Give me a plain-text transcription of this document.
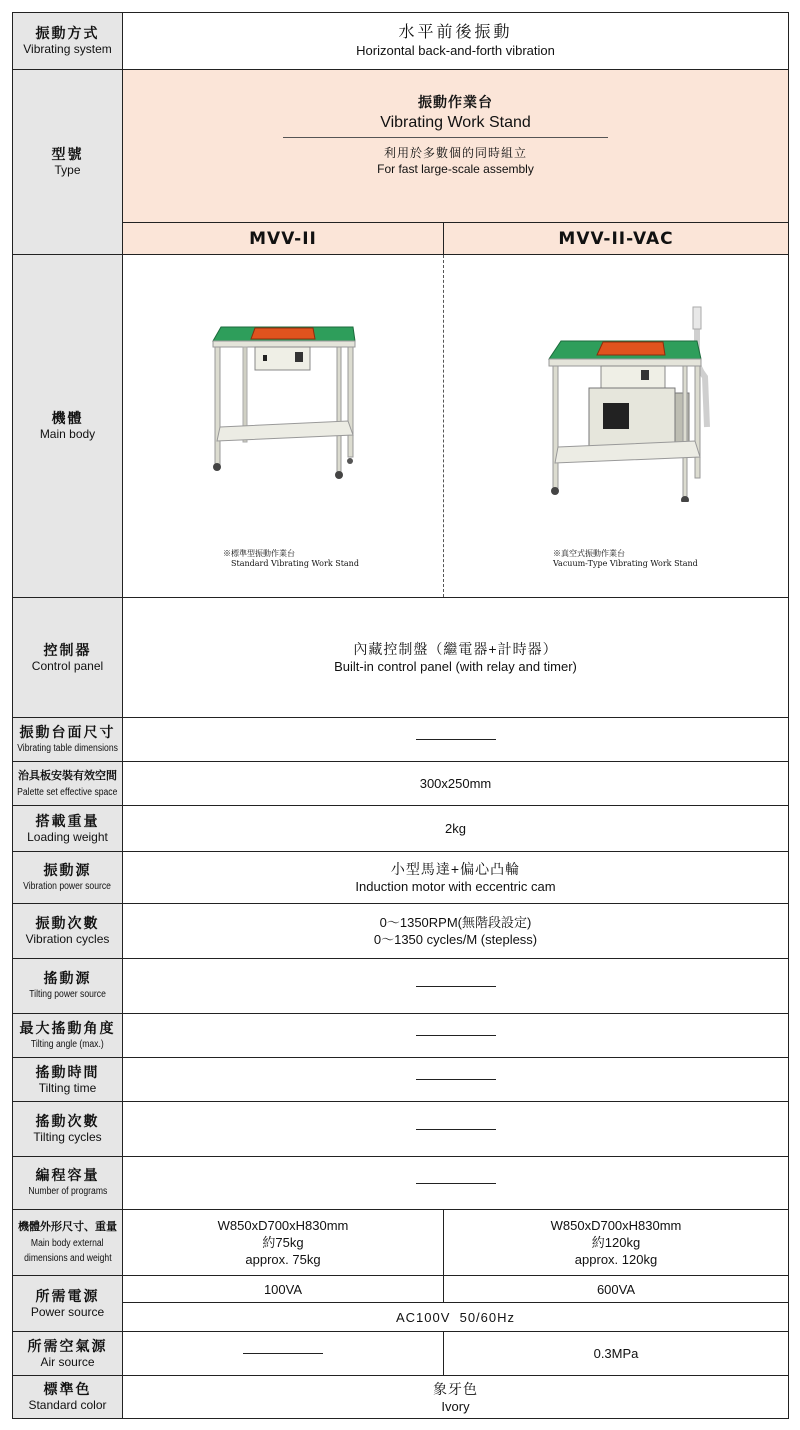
振動方式
Vibrating system
水平前後振動
Horizontal back-and-forth vibration
型號
Type
振動作業台
Vibrating Work Stand
利用於多數個的同時組立
For fast large-scale assembly
MVV-II	MVV-II-VAC
機體
Main body
※標準型振動作業台
Standard Vibrating Work Stand
※真空式振動作業台
Vacuum-Type Vibrating Work Stand
控制器
Control panel
內藏控制盤（繼電器+計時器）
Built-in control panel (with relay and timer)
振動台面尺寸
Vibrating table dimensions
治具板安裝有效空間
Palette set effective space
300x250mm
搭載重量
Loading weight
2kg
振動源
Vibration power source
小型馬達+偏心凸輪
Induction motor with eccentric cam
振動次數
Vibration cycles
0～1350RPM(無階段設定)
0～1350 cycles/M (stepless)
搖動源
Tilting power source
最大搖動角度
Tilting angle (max.)
搖動時間
Tilting time
搖動次數
Tilting cycles
編程容量
Number of programs
機體外形尺寸、重量
Main body external
dimensions and weight
W850xD700xH830mm
約75kg
approx. 75kg
W850xD700xH830mm
約120kg
approx. 120kg
所需電源
Power source
100VA	600VA
AC100V  50/60Hz
所需空氣源
Air source
0.3MPa
標準色
Standard color
象牙色
Ivory
